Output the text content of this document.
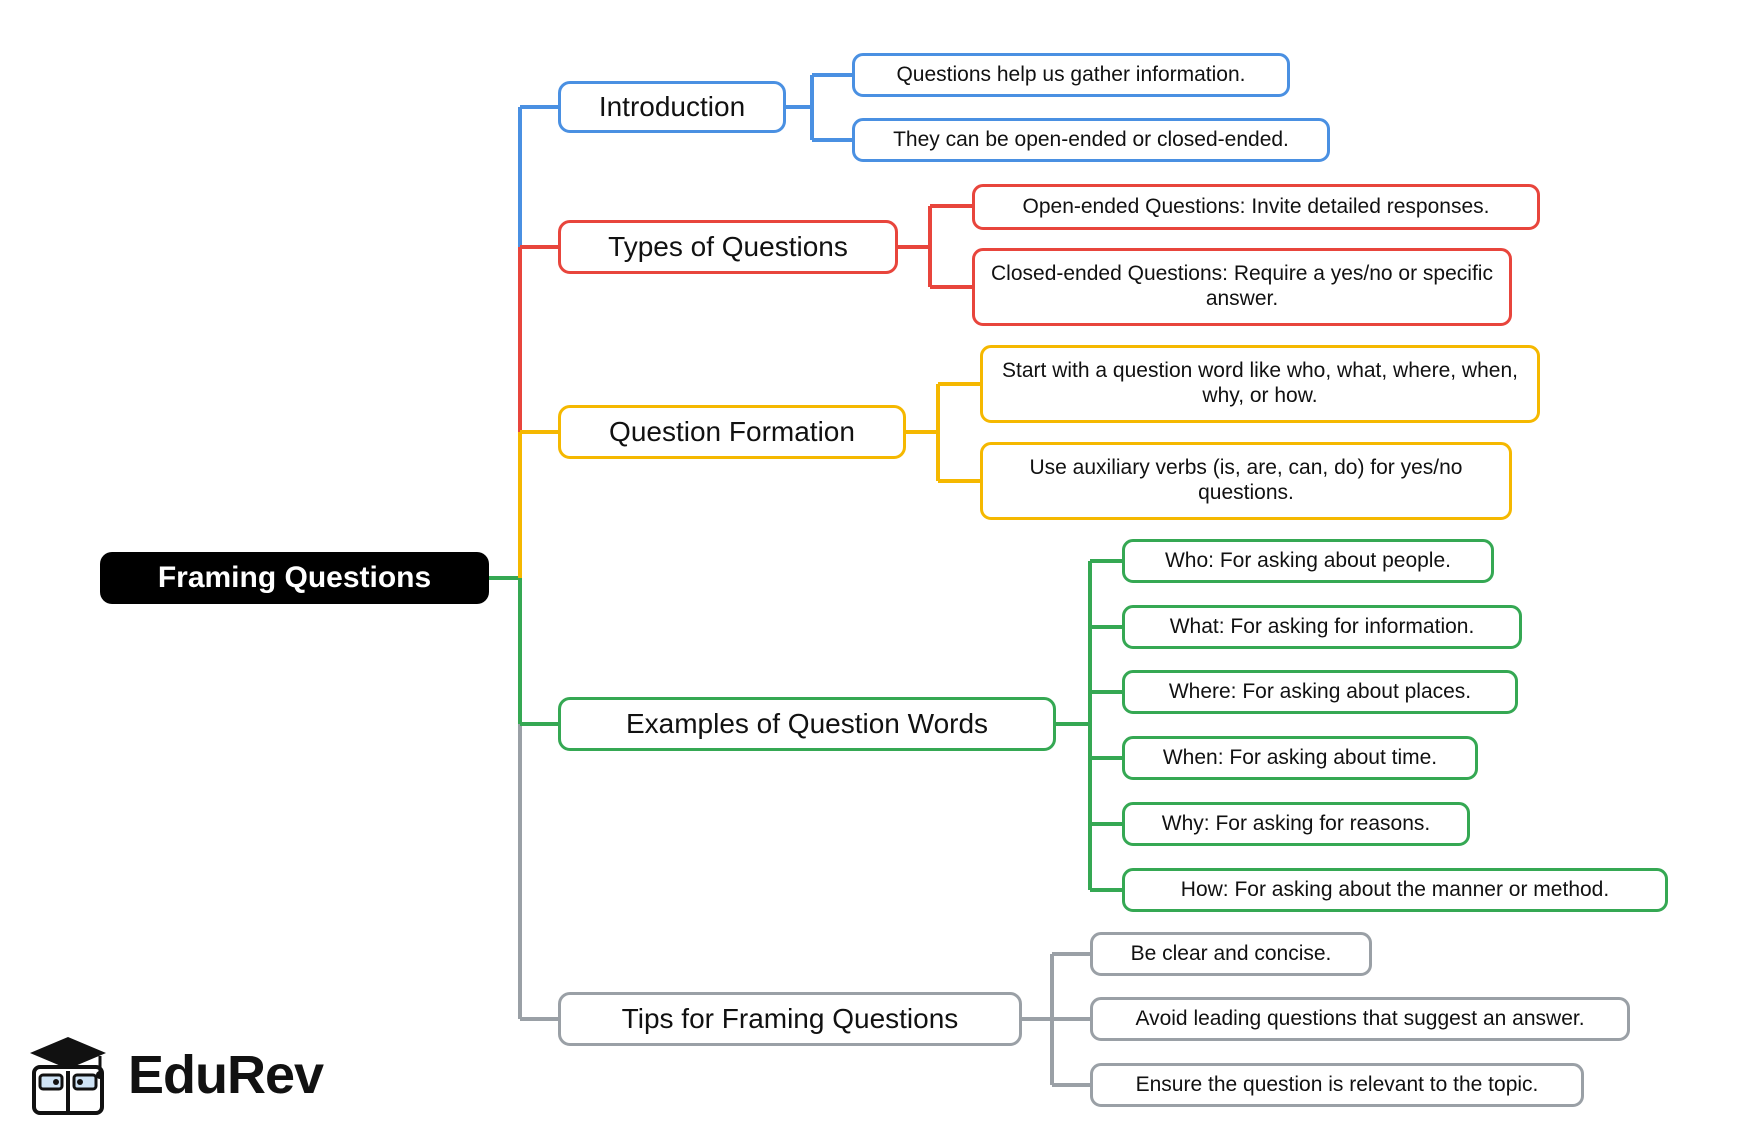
Framing Questions
Introduction
Questions help us gather information.
They can be open-ended or closed-ended.
Types of Questions
Open-ended Questions: Invite detailed responses.
Closed-ended Questions: Require a yes/no or specific answer.
Question Formation
Start with a question word like who, what, where, when, why, or how.
Use auxiliary verbs (is, are, can, do) for yes/no questions.
Examples of Question Words
Who: For asking about people.
What: For asking for information.
Where: For asking about places.
When: For asking about time.
Why: For asking for reasons.
How: For asking about the manner or method.
Tips for Framing Questions
Be clear and concise.
Avoid leading questions that suggest an answer.
Ensure the question is relevant to the topic.
EduRev
